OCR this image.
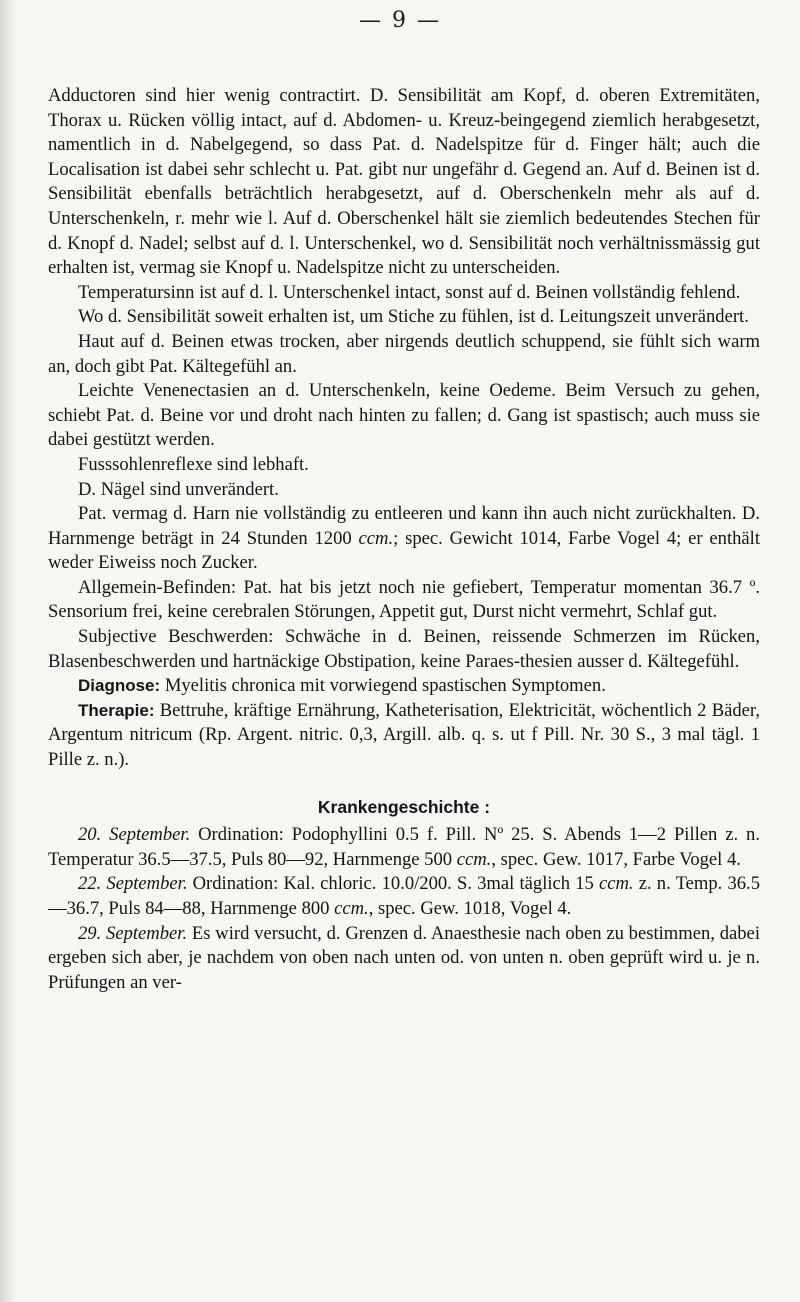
— 9 —

Adductoren sind hier wenig contractirt. D. Sensibilität am Kopf, d. oberen Extremitäten, Thorax u. Rücken völlig intact, auf d. Abdomen- u. Kreuz-beingegend ziemlich herabgesetzt, namentlich in d. Nabelgegend, so dass Pat. d. Nadelspitze für d. Finger hält; auch die Localisation ist dabei sehr schlecht u. Pat. gibt nur ungefähr d. Gegend an. Auf d. Beinen ist d. Sensibilität ebenfalls beträchtlich herabgesetzt, auf d. Oberschenkeln mehr als auf d. Unterschenkeln, r. mehr wie l. Auf d. Oberschenkel hält sie ziemlich bedeutendes Stechen für d. Knopf d. Nadel; selbst auf d. l. Unterschenkel, wo d. Sensibilität noch verhältnissmässig gut erhalten ist, vermag sie Knopf u. Nadelspitze nicht zu unterscheiden.

Temperatursinn ist auf d. l. Unterschenkel intact, sonst auf d. Beinen vollständig fehlend.

Wo d. Sensibilität soweit erhalten ist, um Stiche zu fühlen, ist d. Leitungszeit unverändert.

Haut auf d. Beinen etwas trocken, aber nirgends deutlich schuppend, sie fühlt sich warm an, doch gibt Pat. Kältegefühl an.

Leichte Venenectasien an d. Unterschenkeln, keine Oedeme. Beim Versuch zu gehen, schiebt Pat. d. Beine vor und droht nach hinten zu fallen; d. Gang ist spastisch; auch muss sie dabei gestützt werden.

Fusssohlenreflexe sind lebhaft.

D. Nägel sind unverändert.

Pat. vermag d. Harn nie vollständig zu entleeren und kann ihn auch nicht zurückhalten. D. Harnmenge beträgt in 24 Stunden 1200 ccm.; spec. Gewicht 1014, Farbe Vogel 4; er enthält weder Eiweiss noch Zucker.

Allgemein-Befinden: Pat. hat bis jetzt noch nie gefiebert, Temperatur momentan 36.7 º. Sensorium frei, keine cerebralen Störungen, Appetit gut, Durst nicht vermehrt, Schlaf gut.

Subjective Beschwerden: Schwäche in d. Beinen, reissende Schmerzen im Rücken, Blasenbeschwerden und hartnäckige Obstipation, keine Paraes-thesien ausser d. Kältegefühl.

Diagnose: Myelitis chronica mit vorwiegend spastischen Symptomen.

Therapie: Bettruhe, kräftige Ernährung, Katheterisation, Elektricität, wöchentlich 2 Bäder, Argentum nitricum (Rp. Argent. nitric. 0,3, Argill. alb. q. s. ut f Pill. Nr. 30 S., 3 mal tägl. 1 Pille z. n.).

Krankengeschichte :

20. September. Ordination: Podophyllini 0.5 f. Pill. Nº 25. S. Abends 1—2 Pillen z. n. Temperatur 36.5—37.5, Puls 80—92, Harnmenge 500 ccm., spec. Gew. 1017, Farbe Vogel 4.

22. September. Ordination: Kal. chloric. 10.0/200. S. 3mal täglich 15 ccm. z. n. Temp. 36.5—36.7, Puls 84—88, Harnmenge 800 ccm., spec. Gew. 1018, Vogel 4.

29. September. Es wird versucht, d. Grenzen d. Anaesthesie nach oben zu bestimmen, dabei ergeben sich aber, je nachdem von oben nach unten od. von unten n. oben geprüft wird u. je n. Prüfungen an ver-
